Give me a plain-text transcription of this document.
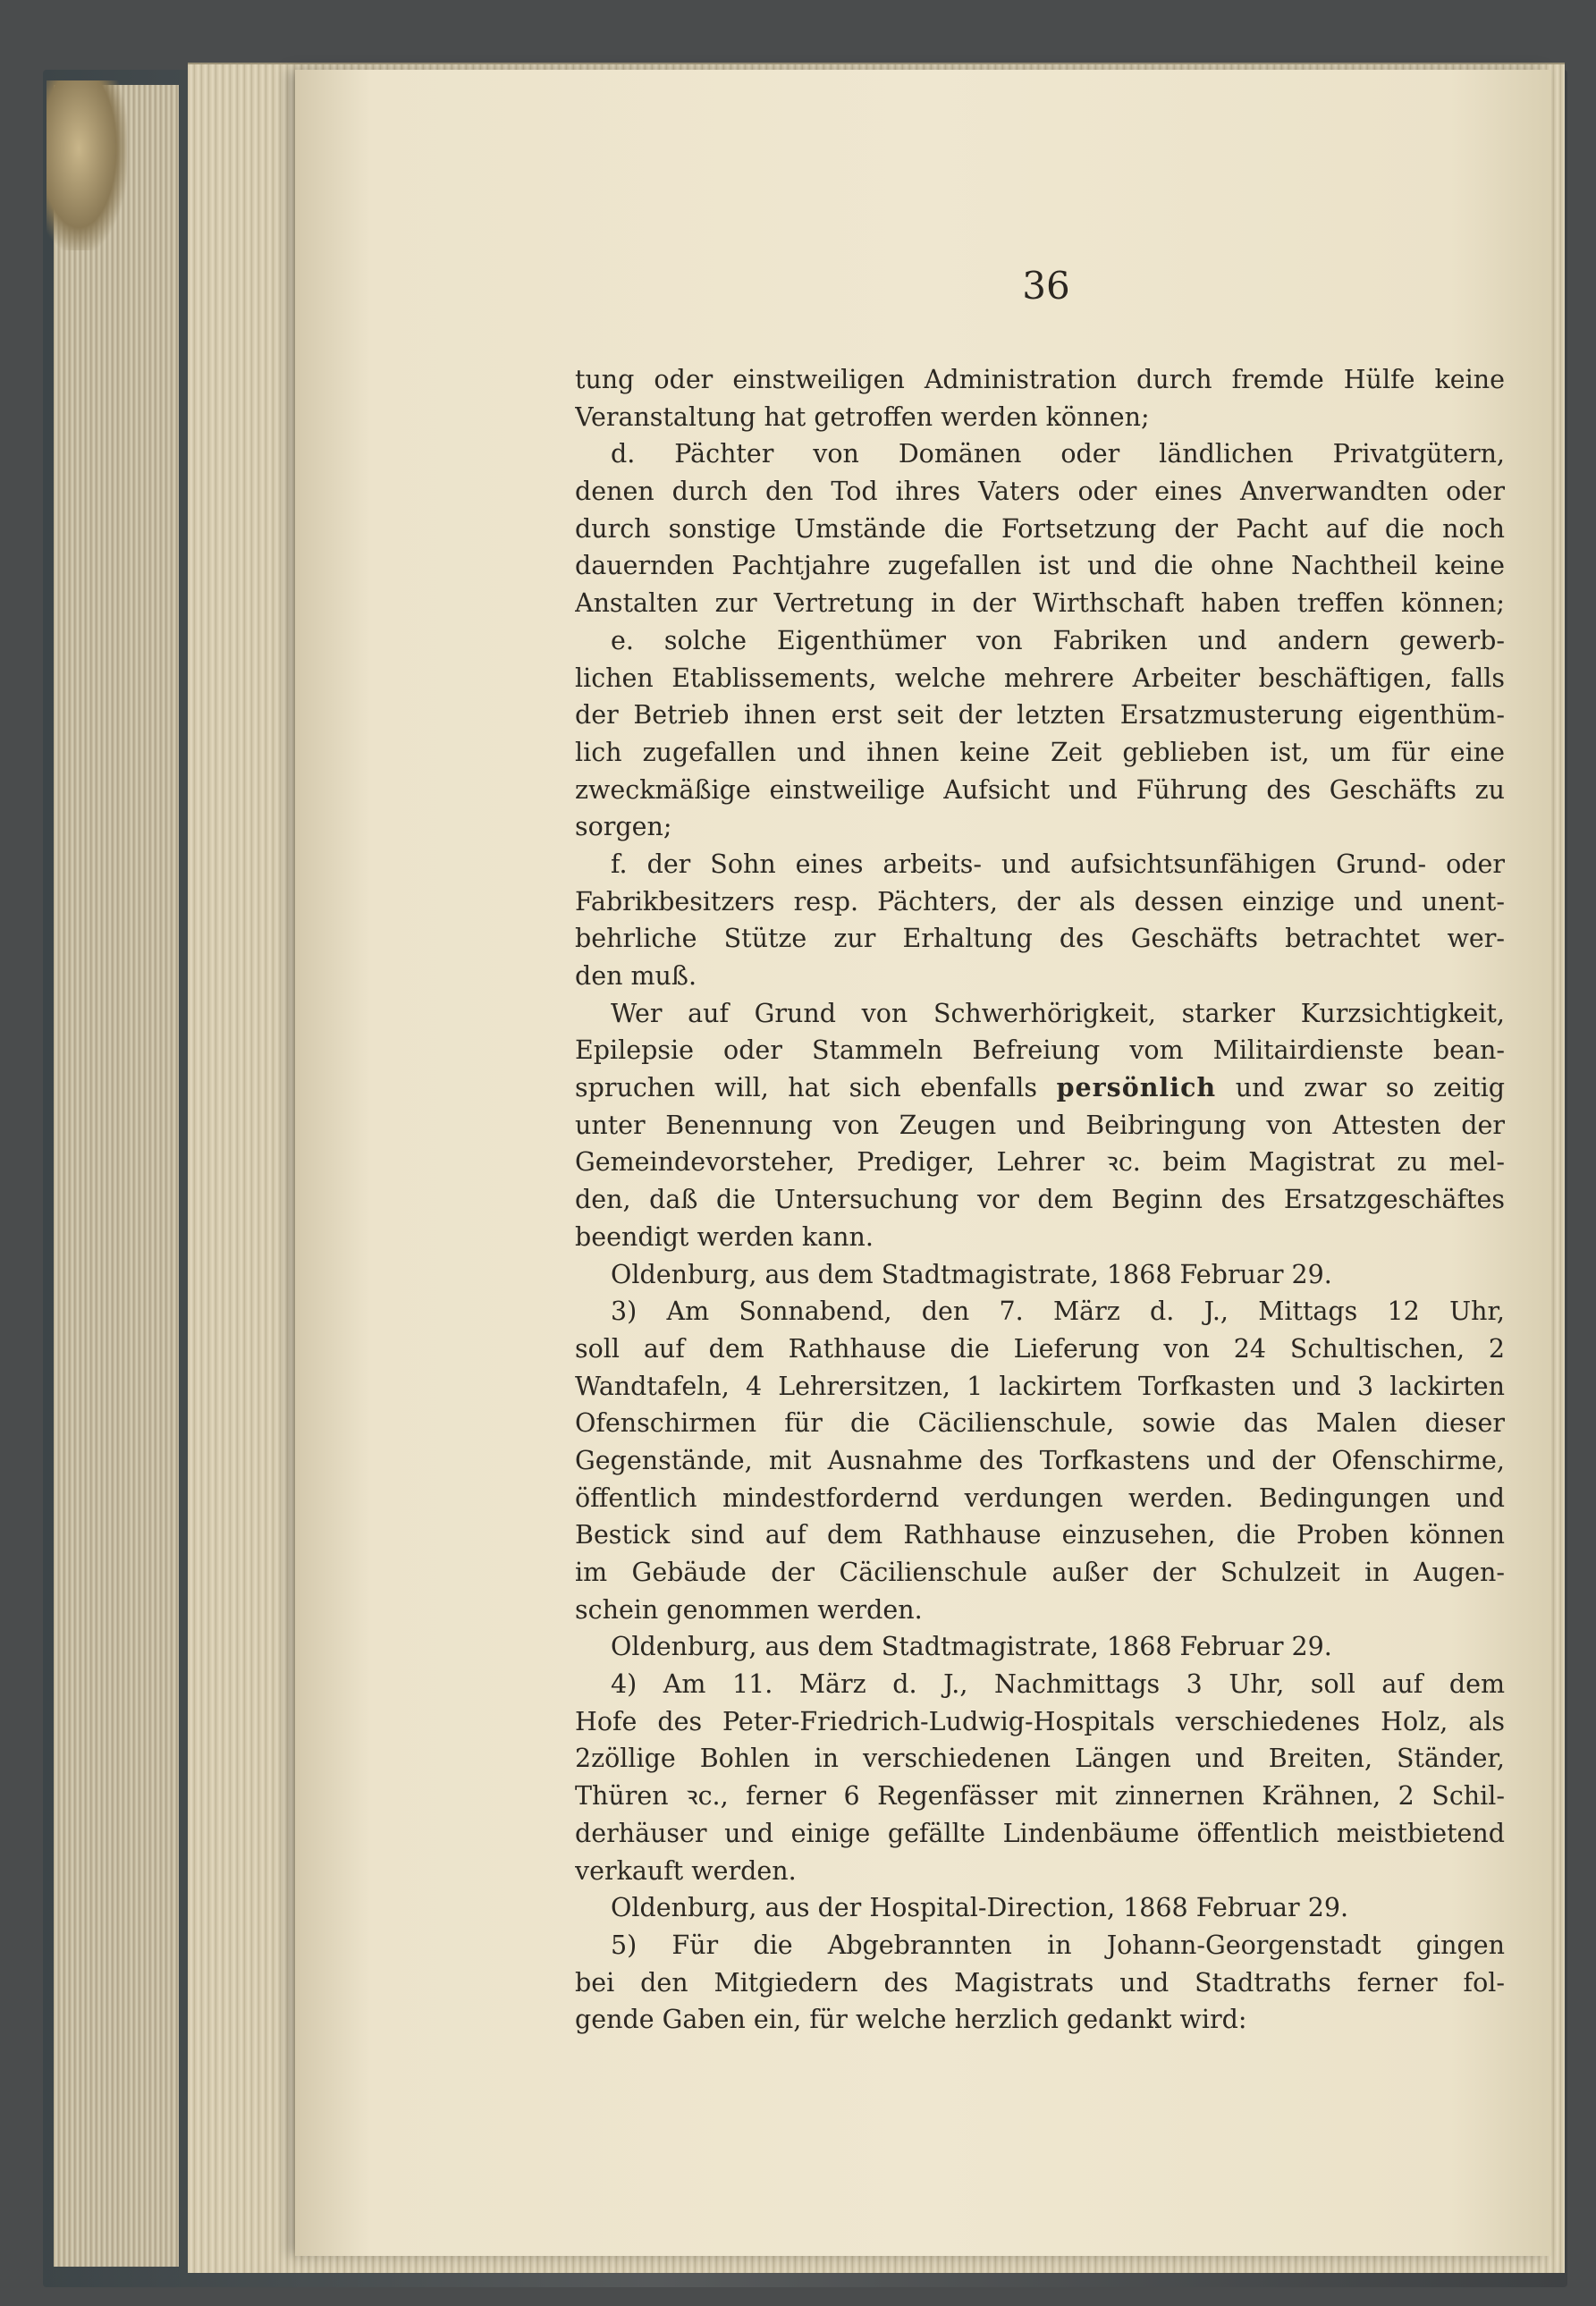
36
tung oder einstweiligen Administration durch fremde Hülfe keine
Veranstaltung hat getroffen werden können;
d. Pächter von Domänen oder ländlichen Privatgütern,
denen durch den Tod ihres Vaters oder eines Anverwandten oder
durch sonstige Umstände die Fortsetzung der Pacht auf die noch
dauernden Pachtjahre zugefallen ist und die ohne Nachtheil keine
Anstalten zur Vertretung in der Wirthschaft haben treffen können;
e. solche Eigenthümer von Fabriken und andern gewerb-
lichen Etablissements, welche mehrere Arbeiter beschäftigen, falls
der Betrieb ihnen erst seit der letzten Ersatzmusterung eigenthüm-
lich zugefallen und ihnen keine Zeit geblieben ist, um für eine
zweckmäßige einstweilige Aufsicht und Führung des Geschäfts zu
sorgen;
f. der Sohn eines arbeits- und aufsichtsunfähigen Grund- oder
Fabrikbesitzers resp. Pächters, der als dessen einzige und unent-
behrliche Stütze zur Erhaltung des Geschäfts betrachtet wer-
den muß.
Wer auf Grund von Schwerhörigkeit, starker Kurzsichtigkeit,
Epilepsie oder Stammeln Befreiung vom Militairdienste bean-
spruchen will, hat sich ebenfalls persönlich und zwar so zeitig
unter Benennung von Zeugen und Beibringung von Attesten der
Gemeindevorsteher, Prediger, Lehrer ꝛc. beim Magistrat zu mel-
den, daß die Untersuchung vor dem Beginn des Ersatzgeschäftes
beendigt werden kann.
Oldenburg, aus dem Stadtmagistrate, 1868 Februar 29.
3) Am Sonnabend, den 7. März d. J., Mittags 12 Uhr,
soll auf dem Rathhause die Lieferung von 24 Schultischen, 2
Wandtafeln, 4 Lehrersitzen, 1 lackirtem Torfkasten und 3 lackirten
Ofenschirmen für die Cäcilienschule, sowie das Malen dieser
Gegenstände, mit Ausnahme des Torfkastens und der Ofenschirme,
öffentlich mindestfordernd verdungen werden. Bedingungen und
Bestick sind auf dem Rathhause einzusehen, die Proben können
im Gebäude der Cäcilienschule außer der Schulzeit in Augen-
schein genommen werden.
Oldenburg, aus dem Stadtmagistrate, 1868 Februar 29.
4) Am 11. März d. J., Nachmittags 3 Uhr, soll auf dem
Hofe des Peter-Friedrich-Ludwig-Hospitals verschiedenes Holz, als
2zöllige Bohlen in verschiedenen Längen und Breiten, Ständer,
Thüren ꝛc., ferner 6 Regenfässer mit zinnernen Krähnen, 2 Schil-
derhäuser und einige gefällte Lindenbäume öffentlich meistbietend
verkauft werden.
Oldenburg, aus der Hospital-Direction, 1868 Februar 29.
5) Für die Abgebrannten in Johann-Georgenstadt gingen
bei den Mitgiedern des Magistrats und Stadtraths ferner fol-
gende Gaben ein, für welche herzlich gedankt wird:
